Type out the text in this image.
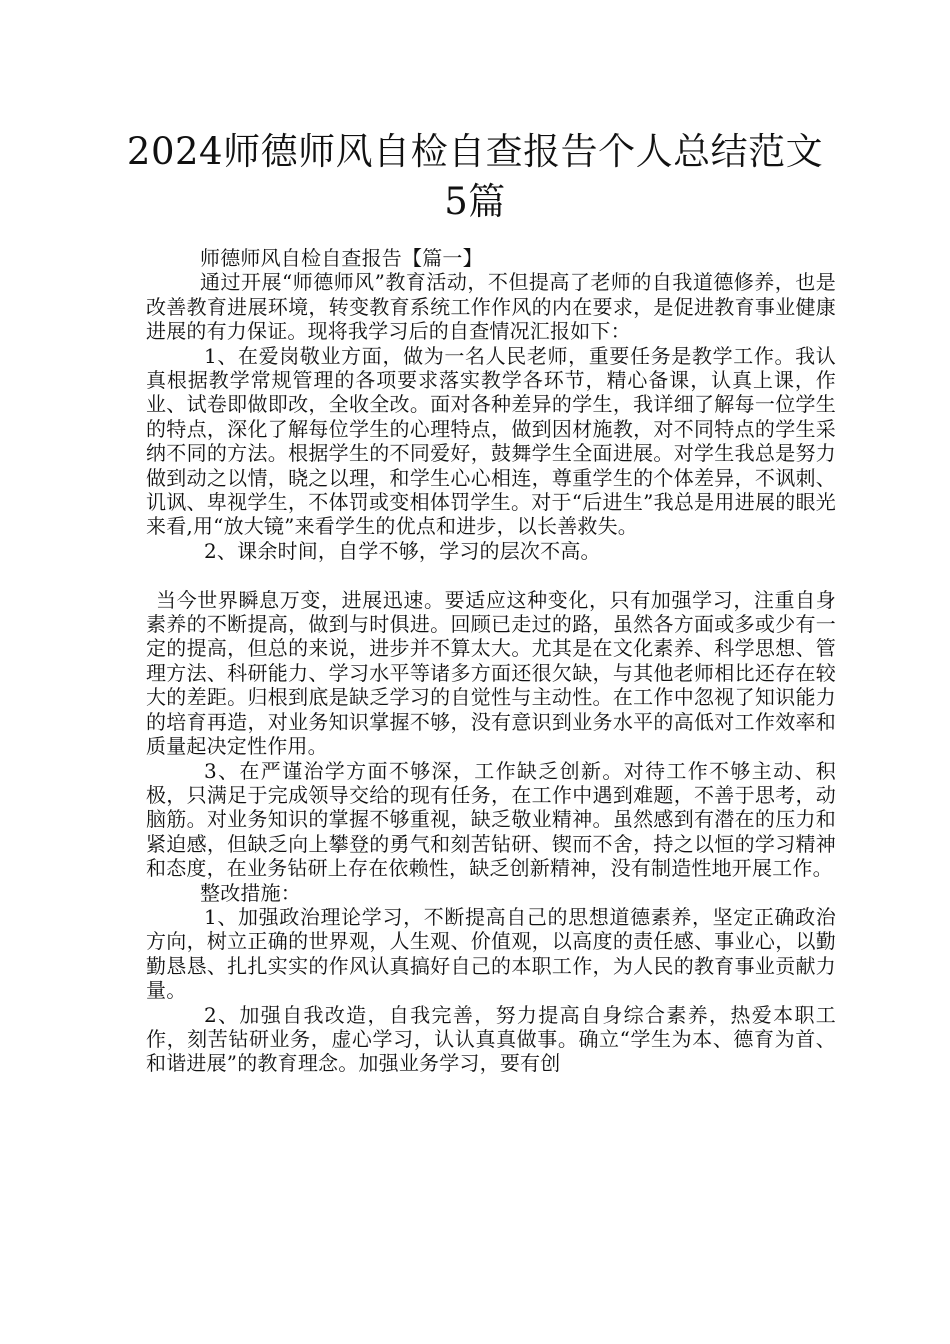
2024师德师风自检自查报告个人总结范文
5篇

师德师风自检自查报告【篇一】

通过开展“师德师风”教育活动，不但提高了老师的自我道德修养，也是改善教育进展环境，转变教育系统工作作风的内在要求，是促进教育事业健康进展的有力保证。现将我学习后的自查情况汇报如下：

1、在爱岗敬业方面，做为一名人民老师，重要任务是教学工作。我认真根据教学常规管理的各项要求落实教学各环节，精心备课，认真上课，作业、试卷即做即改，全收全改。面对各种差异的学生，我详细了解每一位学生的特点，深化了解每位学生的心理特点，做到因材施教，对不同特点的学生采纳不同的方法。根据学生的不同爱好，鼓舞学生全面进展。对学生我总是努力做到动之以情，晓之以理，和学生心心相连，尊重学生的个体差异，不讽刺、讥讽、卑视学生，不体罚或变相体罚学生。对于“后进生”我总是用进展的眼光来看,用“放大镜”来看学生的优点和进步，以长善救失。

2、课余时间，自学不够，学习的层次不高。

当今世界瞬息万变，进展迅速。要适应这种变化，只有加强学习，注重自身素养的不断提高，做到与时俱进。回顾已走过的路，虽然各方面或多或少有一定的提高，但总的来说，进步并不算太大。尤其是在文化素养、科学思想、管理方法、科研能力、学习水平等诸多方面还很欠缺，与其他老师相比还存在较大的差距。归根到底是缺乏学习的自觉性与主动性。在工作中忽视了知识能力的培育再造，对业务知识掌握不够，没有意识到业务水平的高低对工作效率和质量起决定性作用。

3、在严谨治学方面不够深，工作缺乏创新。对待工作不够主动、积极，只满足于完成领导交给的现有任务，在工作中遇到难题，不善于思考，动脑筋。对业务知识的掌握不够重视，缺乏敬业精神。虽然感到有潜在的压力和紧迫感，但缺乏向上攀登的勇气和刻苦钻研、锲而不舍，持之以恒的学习精神和态度，在业务钻研上存在依赖性，缺乏创新精神，没有制造性地开展工作。

整改措施：

1、加强政治理论学习，不断提高自己的思想道德素养，坚定正确政治方向，树立正确的世界观，人生观、价值观，以高度的责任感、事业心，以勤勤恳恳、扎扎实实的作风认真搞好自己的本职工作，为人民的教育事业贡献力量。

2、加强自我改造，自我完善，努力提高自身综合素养，热爱本职工作，刻苦钻研业务，虚心学习，认认真真做事。确立“学生为本、德育为首、和谐进展”的教育理念。加强业务学习，要有创
